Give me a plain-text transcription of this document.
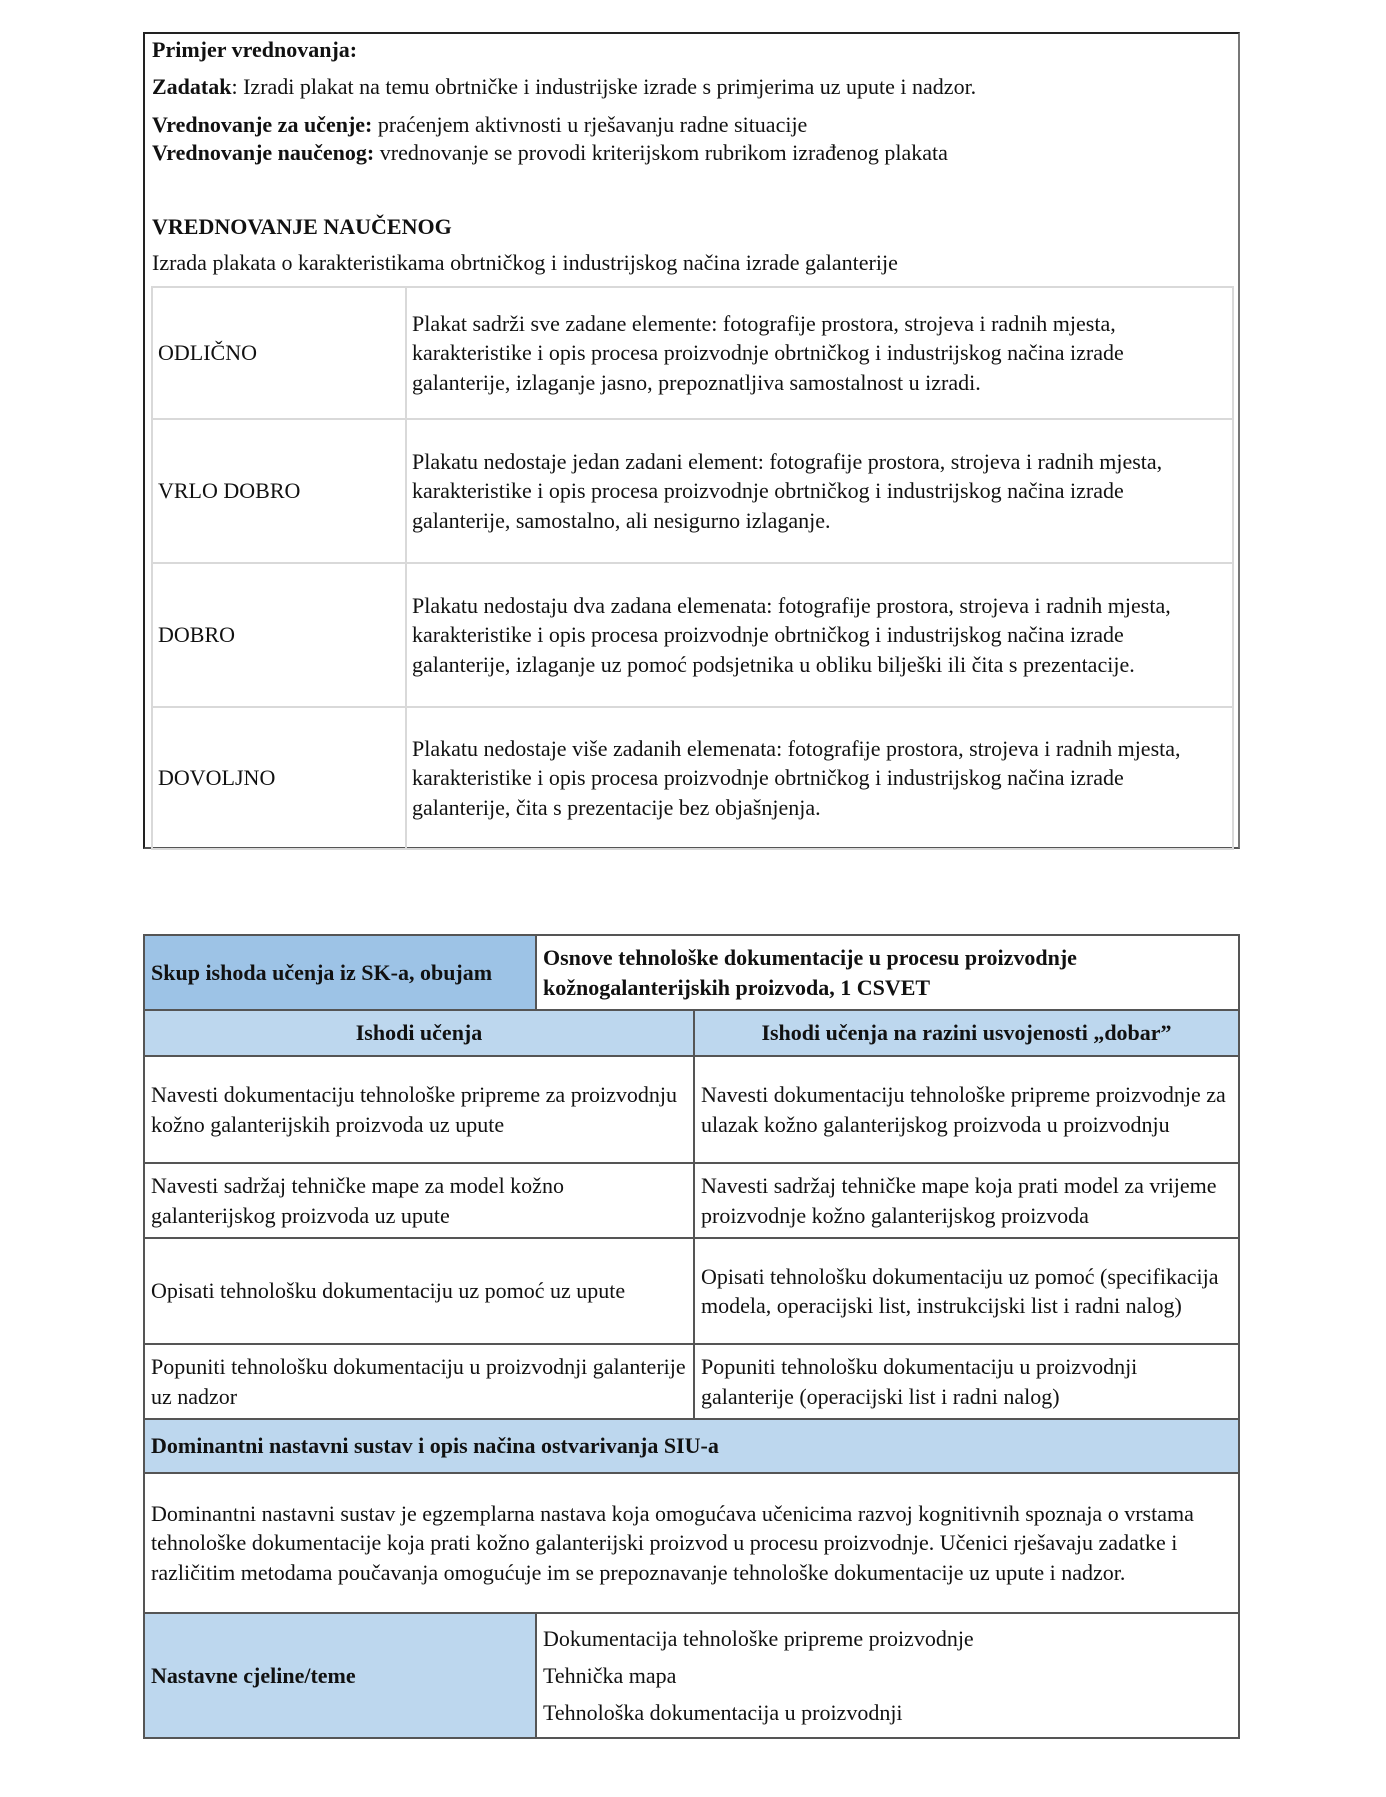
Primjer vrednovanja:
Zadatak: Izradi plakat na temu obrtničke i industrijske izrade s primjerima uz upute i nadzor.
Vrednovanje za učenje: praćenjem aktivnosti u rješavanju radne situacije
Vrednovanje naučenog: vrednovanje se provodi kriterijskom rubrikom izrađenog plakata
VREDNOVANJE NAUČENOG
Izrada plakata o karakteristikama obrtničkog i industrijskog načina izrade galanterije
ODLIČNO	Plakat sadrži sve zadane elemente: fotografije prostora, strojeva i radnih mjesta, karakteristike i opis procesa proizvodnje obrtničkog i industrijskog načina izrade galanterije, izlaganje jasno, prepoznatljiva samostalnost u izradi.
VRLO DOBRO	Plakatu nedostaje jedan zadani element: fotografije prostora, strojeva i radnih mjesta, karakteristike i opis procesa proizvodnje obrtničkog i industrijskog načina izrade galanterije, samostalno, ali nesigurno izlaganje.
DOBRO	Plakatu nedostaju dva zadana elemenata: fotografije prostora, strojeva i radnih mjesta, karakteristike i opis procesa proizvodnje obrtničkog i industrijskog načina izrade galanterije, izlaganje uz pomoć podsjetnika u obliku bilješki ili čita s prezentacije.
DOVOLJNO	Plakatu nedostaje više zadanih elemenata: fotografije prostora, strojeva i radnih mjesta, karakteristike i opis procesa proizvodnje obrtničkog i industrijskog načina izrade galanterije, čita s prezentacije bez objašnjenja.
Skup ishoda učenja iz SK-a, obujam	Osnove tehnološke dokumentacije u procesu proizvodnje kožnogalanterijskih proizvoda, 1 CSVET	
Ishodi učenja		Ishodi učenja na razini usvojenosti „dobar”
Navesti dokumentaciju tehnološke pripreme za proizvodnju kožno galanterijskih proizvoda uz upute		Navesti dokumentaciju tehnološke pripreme proizvodnje za ulazak kožno galanterijskog proizvoda u proizvodnju
Navesti sadržaj tehničke mape za model kožno galanterijskog proizvoda uz upute		Navesti sadržaj tehničke mape koja prati model za vrijeme proizvodnje kožno galanterijskog proizvoda
Opisati tehnološku dokumentaciju uz pomoć uz upute		Opisati tehnološku dokumentaciju uz pomoć (specifikacija modela, operacijski list, instrukcijski list i radni nalog)
Popuniti tehnološku dokumentaciju u proizvodnji galanterije uz nadzor		Popuniti tehnološku dokumentaciju u proizvodnji galanterije (operacijski list i radni nalog)
Dominantni nastavni sustav i opis načina ostvarivanja SIU-a		
Dominantni nastavni sustav je egzemplarna nastava koja omogućava učenicima razvoj kognitivnih spoznaja o vrstama tehnološke dokumentacije koja prati kožno galanterijski proizvod u procesu proizvodnje. Učenici rješavaju zadatke i različitim metodama poučavanja omogućuje im se prepoznavanje tehnološke dokumentacije uz upute i nadzor.		
Nastavne cjeline/teme	Dokumentacija tehnološke pripreme proizvodnje
Tehnička mapa
Tehnološka dokumentacija u proizvodnji	
